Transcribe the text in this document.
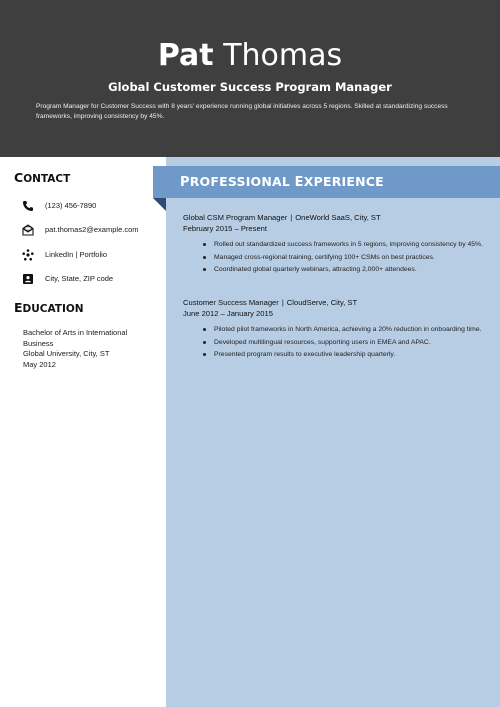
Pat Thomas
Global Customer Success Program Manager
Program Manager for Customer Success with 8 years' experience running global initiatives across 5 regions. Skilled at standardizing success frameworks, improving consistency by 45%.
PROFESSIONAL EXPERIENCE
CONTACT
(123) 456-7890
pat.thomas2@example.com
LinkedIn | Portfolio
City, State, ZIP code
EDUCATION
Bachelor of Arts in International
Business
Global University, City, ST
May 2012
Global CSM Program Manager | OneWorld SaaS, City, ST
February 2015 – Present
Rolled out standardized success frameworks in 5 regions, improving consistency by 45%.
Managed cross-regional training, certifying 100+ CSMs on best practices.
Coordinated global quarterly webinars, attracting 2,000+ attendees.
Customer Success Manager | CloudServe, City, ST
June 2012 – January 2015
Piloted pilot frameworks in North America, achieving a 20% reduction in onboarding time.
Developed multilingual resources, supporting users in EMEA and APAC.
Presented program results to executive leadership quarterly.
